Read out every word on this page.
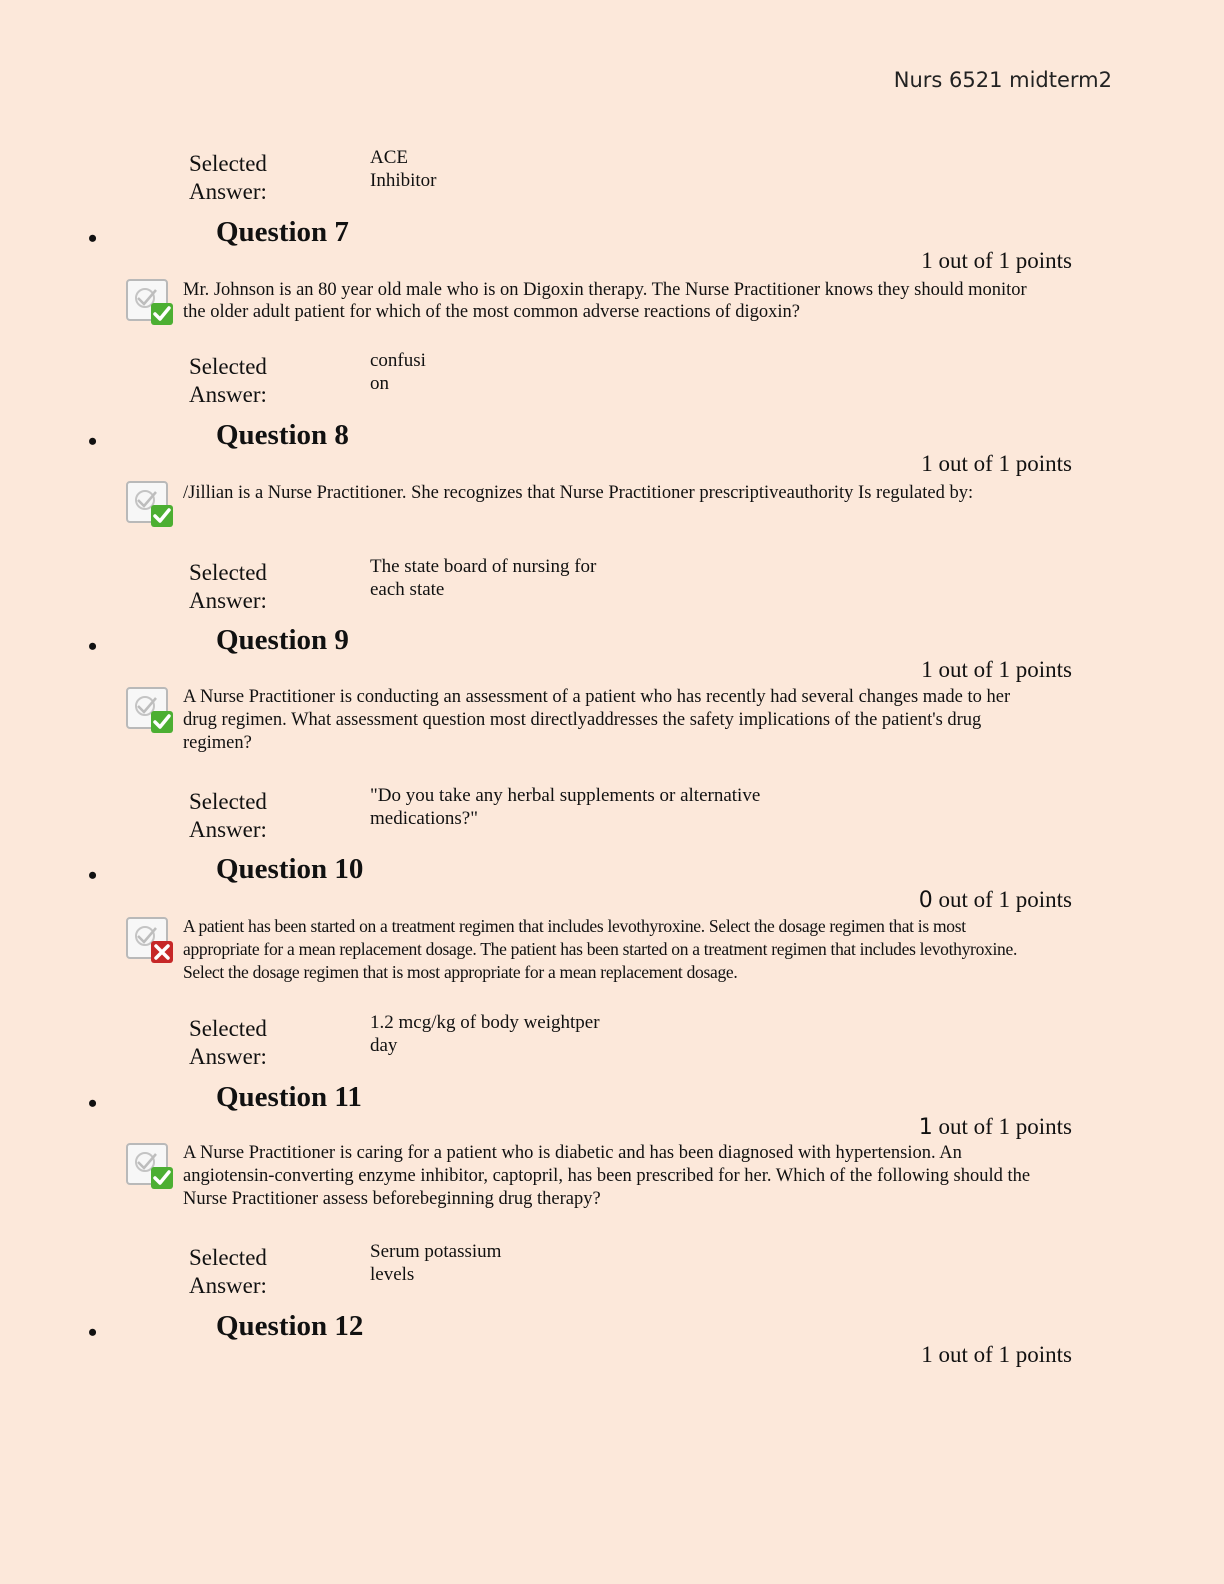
Nurs 6521 midterm2
Selected Answer:
ACE
Inhibitor
•	Question 7
1 out of 1 points
Mr. Johnson is an 80 year old male who is on Digoxin therapy. The Nurse Practitioner knows they should monitor the older adult patient for which of the most common adverse reactions of digoxin?
Selected Answer:
confusi
on
•	Question 8
1 out of 1 points
/Jillian is a Nurse Practitioner. She recognizes that Nurse Practitioner prescriptiveauthority Is regulated by:
Selected Answer:
The state board of nursing for
each state
•	Question 9
1 out of 1 points
A Nurse Practitioner is conducting an assessment of a patient who has recently had several changes made to her drug regimen. What assessment question most directlyaddresses the safety implications of the patient's drug regimen?
Selected Answer:
"Do you take any herbal supplements or alternative
medications?"
•	Question 10
0 out of 1 points
A patient has been started on a treatment regimen that includes levothyroxine. Select the dosage regimen that is most appropriate for a mean replacement dosage. The patient has been started on a treatment regimen that includes levothyroxine. Select the dosage regimen that is most appropriate for a mean replacement dosage.
Selected Answer:
1.2 mcg/kg of body weightper
day
•	Question 11
1 out of 1 points
A Nurse Practitioner is caring for a patient who is diabetic and has been diagnosed with hypertension. An angiotensin-converting enzyme inhibitor, captopril, has been prescribed for her. Which of the following should the Nurse Practitioner assess beforebeginning drug therapy?
Selected Answer:
Serum potassium
levels
•	Question 12
1 out of 1 points
